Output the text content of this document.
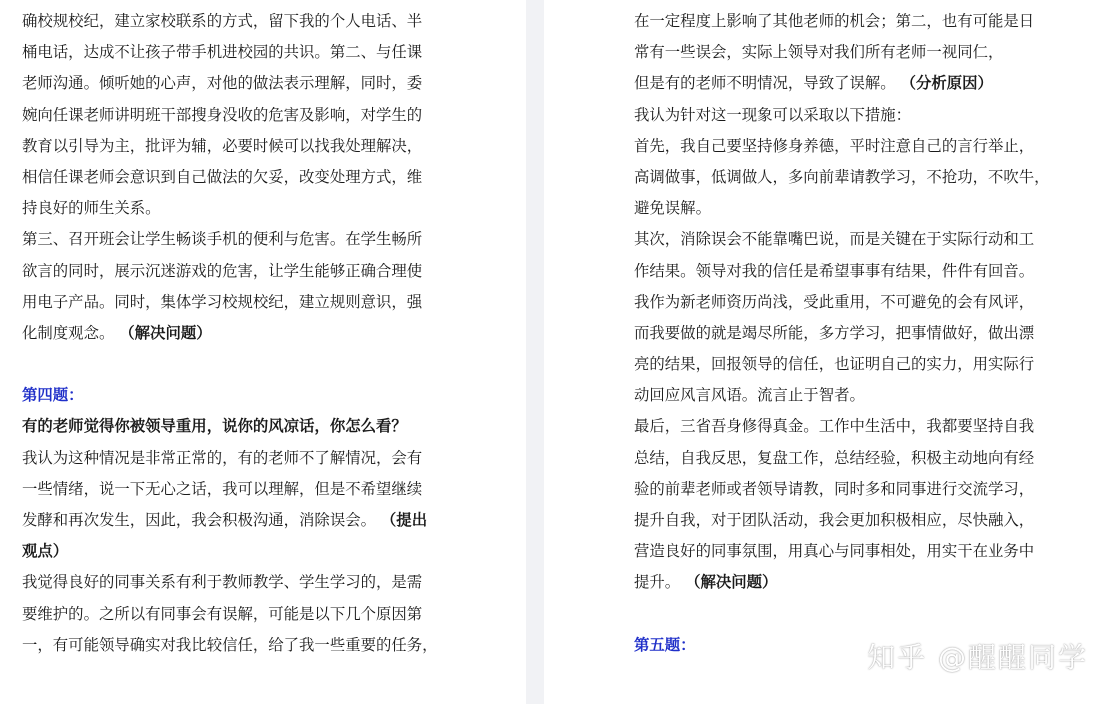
确校规校纪，建立家校联系的方式，留下我的个人电话、半
桶电话，达成不让孩子带手机进校园的共识。第二、与任课
老师沟通。倾听她的心声，对他的做法表示理解，同时，委
婉向任课老师讲明班干部搜身没收的危害及影响，对学生的
教育以引导为主，批评为辅，必要时候可以找我处理解决，
相信任课老师会意识到自己做法的欠妥，改变处理方式，维
持良好的师生关系。
第三、召开班会让学生畅谈手机的便利与危害。在学生畅所
欲言的同时，展示沉迷游戏的危害，让学生能够正确合理使
用电子产品。同时，集体学习校规校纪，建立规则意识，强
化制度观念。 （解决问题）
第四题：
有的老师觉得你被领导重用，说你的风凉话，你怎么看？
我认为这种情况是非常正常的，有的老师不了解情况，会有
一些情绪，说一下无心之话，我可以理解，但是不希望继续
发酵和再次发生，因此，我会积极沟通，消除误会。 （提出
观点）
我觉得良好的同事关系有利于教师教学、学生学习的，是需
要维护的。之所以有同事会有误解，可能是以下几个原因第
一，有可能领导确实对我比较信任，给了我一些重要的任务，
在一定程度上影响了其他老师的机会；第二，也有可能是日
常有一些误会，实际上领导对我们所有老师一视同仁，
但是有的老师不明情况，导致了误解。 （分析原因）
我认为针对这一现象可以采取以下措施：
首先，我自己要坚持修身养德，平时注意自己的言行举止，
高调做事，低调做人，多向前辈请教学习，不抢功，不吹牛，
避免误解。
其次，消除误会不能靠嘴巴说，而是关键在于实际行动和工
作结果。领导对我的信任是希望事事有结果，件件有回音。
我作为新老师资历尚浅，受此重用，不可避免的会有风评，
而我要做的就是竭尽所能，多方学习，把事情做好，做出漂
亮的结果，回报领导的信任，也证明自己的实力，用实际行
动回应风言风语。流言止于智者。
最后，三省吾身修得真金。工作中生活中，我都要坚持自我
总结，自我反思，复盘工作，总结经验，积极主动地向有经
验的前辈老师或者领导请教，同时多和同事进行交流学习，
提升自我，对于团队活动，我会更加积极相应，尽快融入，
营造良好的同事氛围，用真心与同事相处，用实干在业务中
提升。 （解决问题）
第五题：	知乎 @醒醒同学
